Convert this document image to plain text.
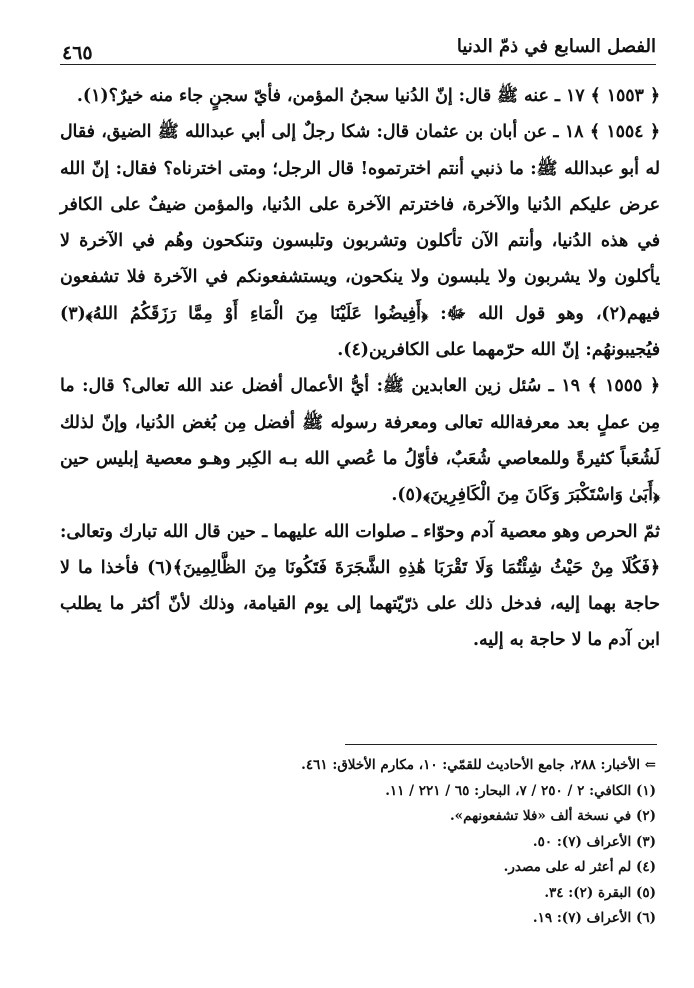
الفصل السابع في ذمّ الدنيا
٤٦٥

﴿ ١٥٥٣ ﴾ ١٧ ـ عنه ﷺ قال: إنّ الدُنيا سجنُ المؤمن، فأيّ سجنٍ جاء منه خيرٌ؟(١).

﴿ ١٥٥٤ ﴾ ١٨ ـ عن أبان بن عثمان قال: شكا رجلٌ إلى أبي عبدالله ﷺ الضيق، فقال له أبو عبدالله ﷺ: ما ذنبي أنتم اخترتموه! قال الرجل؛ ومتى اخترناه؟ فقال: إنّ الله عرض عليكم الدُنيا والآخرة، فاخترتم الآخرة على الدُنيا، والمؤمن ضيفٌ على الكافر في هذه الدُنيا، وأنتم الآن تأكلون وتشربون وتلبسون وتنكحون وهُم في الآخرة لا يأكلون ولا يشربون ولا يلبسون ولا ينكحون، ويستشفعونكم في الآخرة فلا تشفعون فيهم(٢)، وهو قول الله ﷻ: ﴿أَفِيضُوا عَلَيْنَا مِنَ الْمَاءِ أَوْ مِمَّا رَزَقَكُمُ اللهُ﴾(٣) فيُجيبونهُم: إنّ الله حرّمهما على الكافرين(٤).

﴿ ١٥٥٥ ﴾ ١٩ ـ سُئل زين العابدين ﷺ: أيُّ الأعمال أفضل عند الله تعالى؟ قال: ما مِن عملٍ بعد معرفةالله تعالى ومعرفة رسوله ﷺ أفضل مِن بُغض الدُنيا، وإنّ لذلك لَشُعَباً كثيرةً وللمعاصي شُعَبٌ، فأوّلُ ما عُصي الله بـه الكِبر وهـو معصية إبليس حين ﴿أَبَىٰ وَاسْتَكْبَرَ وَكَانَ مِنَ الْكَافِرِينَ﴾(٥).

ثمّ الحرص وهو معصية آدم وحوّاء ـ صلوات الله عليهما ـ حين قال الله تبارك وتعالى: ﴿فَكُلَا مِنْ حَيْثُ شِئْتُمَا وَلَا تَقْرَبَا هَٰذِهِ الشَّجَرَةَ فَتَكُونَا مِنَ الظَّالِمِينَ﴾(٦) فأخذا ما لا حاجة بهما إليه، فدخل ذلك على ذرّيّتهما إلى يوم القيامة، وذلك لأنّ أكثر ما يطلب ابن آدم ما لا حاجة به إليه.

⇐ الأخبار: ٢٨٨، جامع الأحاديث للقمّي: ١٠، مكارم الأخلاق: ٤٦١.

(١) الكافي: ٢ / ٢٥٠ / ٧، البحار: ٦٥ / ٢٢١ / ١١.

(٢) في نسخة ألف «فلا تشفعونهم».

(٣) الأعراف (٧): ٥٠.

(٤) لم أعثر له على مصدر.

(٥) البقرة (٢): ٣٤.

(٦) الأعراف (٧): ١٩.
